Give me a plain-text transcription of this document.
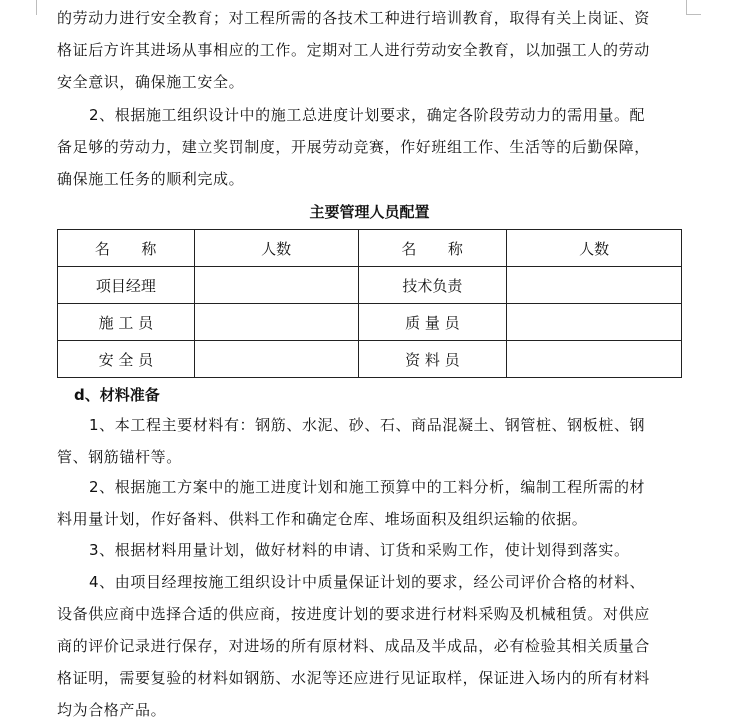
的劳动力进行安全教育；对工程所需的各技术工种进行培训教育，取得有关上岗证、资
格证后方许其进场从事相应的工作。定期对工人进行劳动安全教育，以加强工人的劳动
安全意识，确保施工安全。
2、根据施工组织设计中的施工总进度计划要求，确定各阶段劳动力的需用量。配
备足够的劳动力，建立奖罚制度，开展劳动竞赛，作好班组工作、生活等的后勤保障，
确保施工任务的顺利完成。
主要管理人员配置
名　　称	人数	名　　称	人数
项目经理		技术负责	
施 工 员		质 量 员	
安 全 员		资 料 员	
d、材料准备
1、本工程主要材料有：钢筋、水泥、砂、石、商品混凝土、钢管桩、钢板桩、钢
管、钢筋锚杆等。
2、根据施工方案中的施工进度计划和施工预算中的工料分析，编制工程所需的材
料用量计划，作好备料、供料工作和确定仓库、堆场面积及组织运输的依据。
3、根据材料用量计划，做好材料的申请、订货和采购工作，使计划得到落实。
4、由项目经理按施工组织设计中质量保证计划的要求，经公司评价合格的材料、
设备供应商中选择合适的供应商，按进度计划的要求进行材料采购及机械租赁。对供应
商的评价记录进行保存，对进场的所有原材料、成品及半成品，必有检验其相关质量合
格证明，需要复验的材料如钢筋、水泥等还应进行见证取样，保证进入场内的所有材料
均为合格产品。
